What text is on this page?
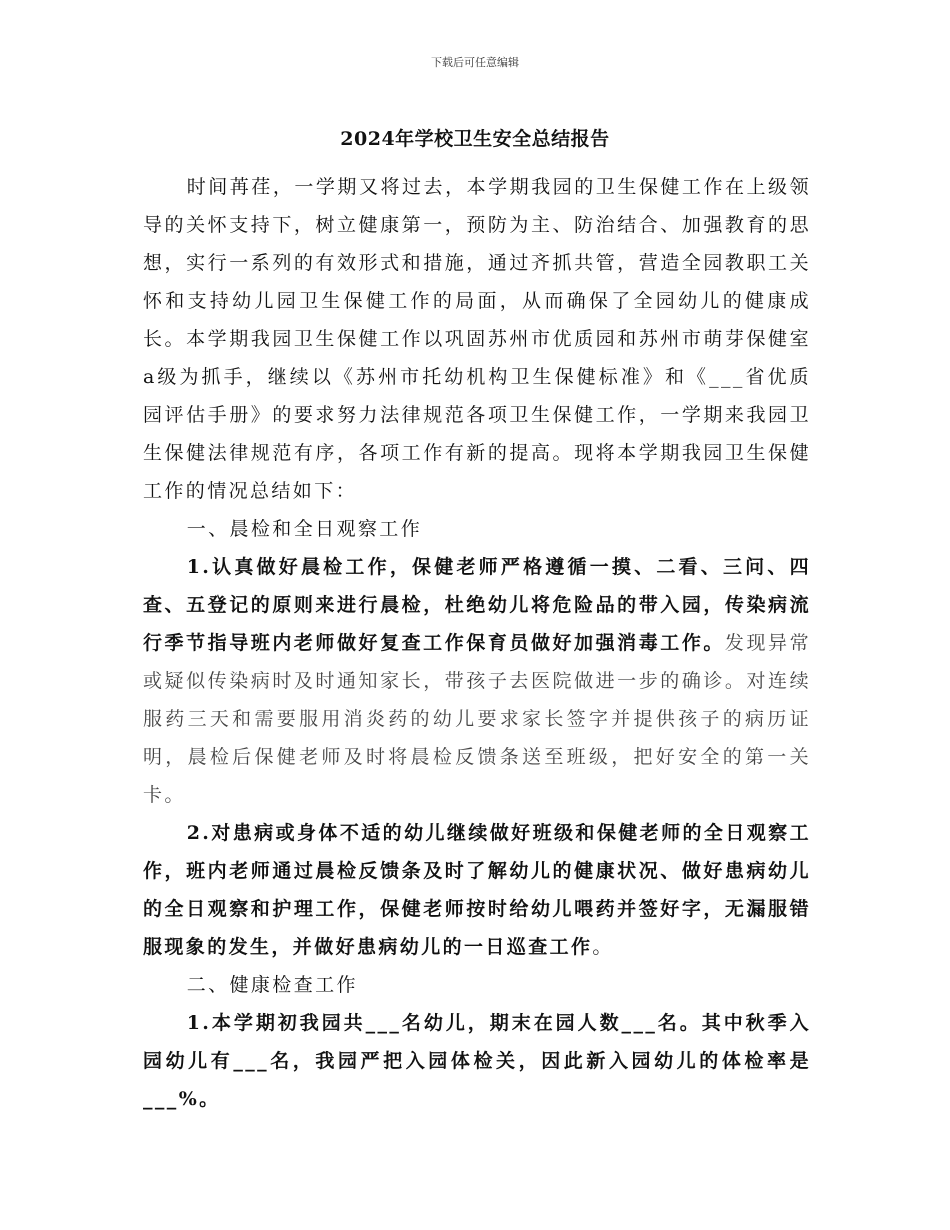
下载后可任意编辑
2024年学校卫生安全总结报告

时间苒荏，一学期又将过去，本学期我园的卫生保健工作在上级领导的关怀支持下，树立健康第一，预防为主、防治结合、加强教育的思想，实行一系列的有效形式和措施，通过齐抓共管，营造全园教职工关怀和支持幼儿园卫生保健工作的局面，从而确保了全园幼儿的健康成长。本学期我园卫生保健工作以巩固苏州市优质园和苏州市萌芽保健室a级为抓手，继续以《苏州市托幼机构卫生保健标准》和《___省优质园评估手册》的要求努力法律规范各项卫生保健工作，一学期来我园卫生保健法律规范有序，各项工作有新的提高。现将本学期我园卫生保健工作的情况总结如下：

一、晨检和全日观察工作

1.认真做好晨检工作，保健老师严格遵循一摸、二看、三问、四查、五登记的原则来进行晨检，杜绝幼儿将危险品的带入园，传染病流行季节指导班内老师做好复查工作保育员做好加强消毒工作。发现异常或疑似传染病时及时通知家长，带孩子去医院做进一步的确诊。对连续服药三天和需要服用消炎药的幼儿要求家长签字并提供孩子的病历证明，晨检后保健老师及时将晨检反馈条送至班级，把好安全的第一关卡。

2.对患病或身体不适的幼儿继续做好班级和保健老师的全日观察工作，班内老师通过晨检反馈条及时了解幼儿的健康状况、做好患病幼儿的全日观察和护理工作，保健老师按时给幼儿喂药并签好字，无漏服错服现象的发生，并做好患病幼儿的一日巡查工作。

二、健康检查工作

1.本学期初我园共___名幼儿，期末在园人数___名。其中秋季入园幼儿有___名，我园严把入园体检关，因此新入园幼儿的体检率是___%。
